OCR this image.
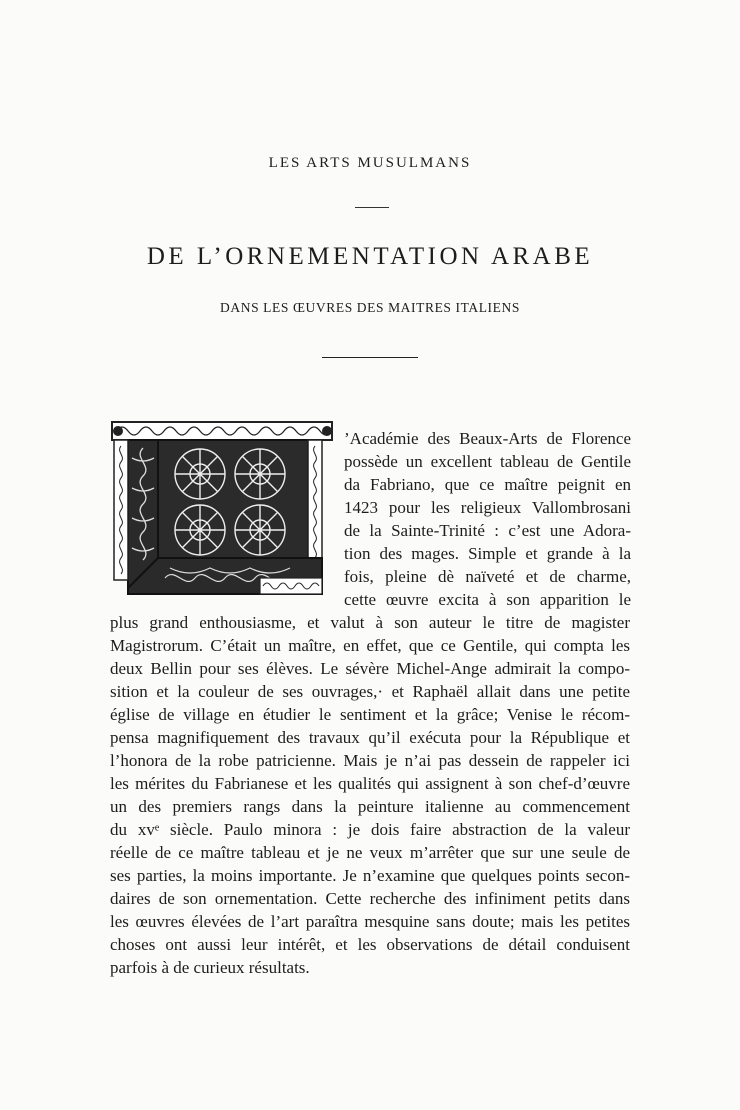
LES ARTS MUSULMANS
DE L’ORNEMENTATION ARABE
DANS LES ŒUVRES DES MAITRES ITALIENS
’Académie des Beaux-Arts de Florence
possède un excellent tableau de Gentile
da Fabriano, que ce maître peignit en
1423 pour les religieux Vallombrosani
de la Sainte-Trinité : c’est une Adora-
tion des mages. Simple et grande à la
fois, pleine dè naïveté et de charme,
cette œuvre excita à son apparition le
plus grand enthousiasme, et valut à son auteur le titre de magister
Magistrorum. C’était un maître, en effet, que ce Gentile, qui compta les
deux Bellin pour ses élèves. Le sévère Michel-Ange admirait la compo-
sition et la couleur de ses ouvrages,· et Raphaël allait dans une petite
église de village en étudier le sentiment et la grâce; Venise le récom-
pensa magnifiquement des travaux qu’il exécuta pour la République et
l’honora de la robe patricienne. Mais je n’ai pas dessein de rappeler ici
les mérites du Fabrianese et les qualités qui assignent à son chef-d’œuvre
un des premiers rangs dans la peinture italienne au commencement
du xvᵉ siècle. Paulo minora : je dois faire abstraction de la valeur
réelle de ce maître tableau et je ne veux m’arrêter que sur une seule de
ses parties, la moins importante. Je n’examine que quelques points secon-
daires de son ornementation. Cette recherche des infiniment petits dans
les œuvres élevées de l’art paraîtra mesquine sans doute; mais les petites
choses ont aussi leur intérêt, et les observations de détail conduisent
parfois à de curieux résultats.
